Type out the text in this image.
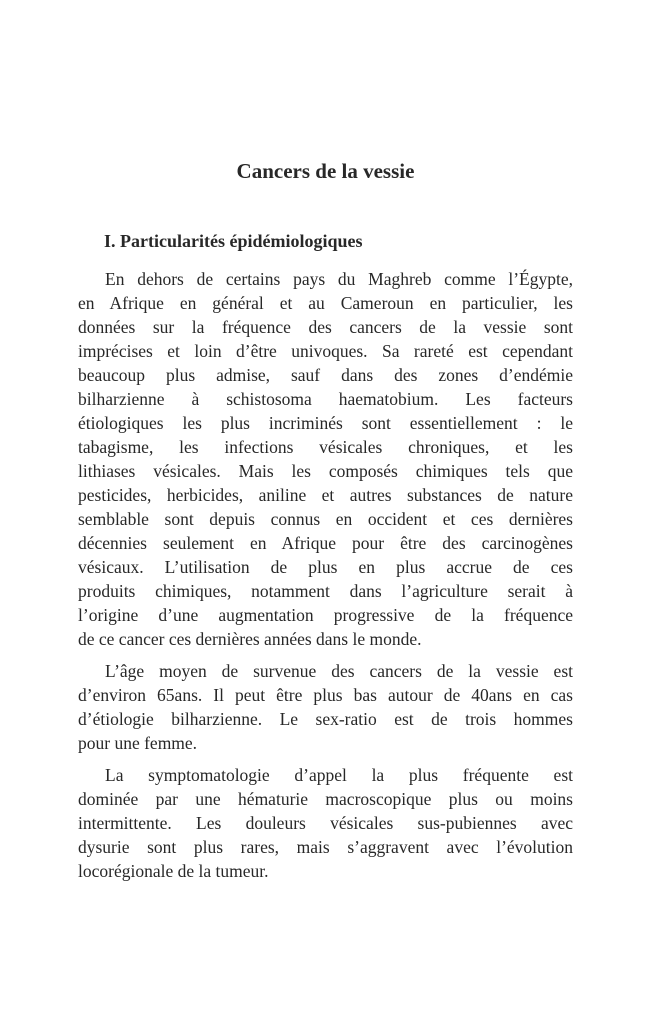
Cancers de la vessie
I. Particularités épidémiologiques
En dehors de certains pays du Maghreb comme l’Égypte,
en Afrique en général et au Cameroun en particulier, les
données sur la fréquence des cancers de la vessie sont
imprécises et loin d’être univoques. Sa rareté est cependant
beaucoup plus admise, sauf dans des zones d’endémie
bilharzienne à schistosoma haematobium. Les facteurs
étiologiques les plus incriminés sont essentiellement : le
tabagisme, les infections vésicales chroniques, et les
lithiases vésicales. Mais les composés chimiques tels que
pesticides, herbicides, aniline et autres substances de nature
semblable sont depuis connus en occident et ces dernières
décennies seulement en Afrique pour être des carcinogènes
vésicaux. L’utilisation de plus en plus accrue de ces
produits chimiques, notamment dans l’agriculture serait à
l’origine d’une augmentation progressive de la fréquence
de ce cancer ces dernières années dans le monde.
L’âge moyen de survenue des cancers de la vessie est
d’environ 65ans. Il peut être plus bas autour de 40ans en cas
d’étiologie bilharzienne. Le sex-ratio est de trois hommes
pour une femme.
La symptomatologie d’appel la plus fréquente est
dominée par une hématurie macroscopique plus ou moins
intermittente. Les douleurs vésicales sus-pubiennes avec
dysurie sont plus rares, mais s’aggravent avec l’évolution
locorégionale de la tumeur.
